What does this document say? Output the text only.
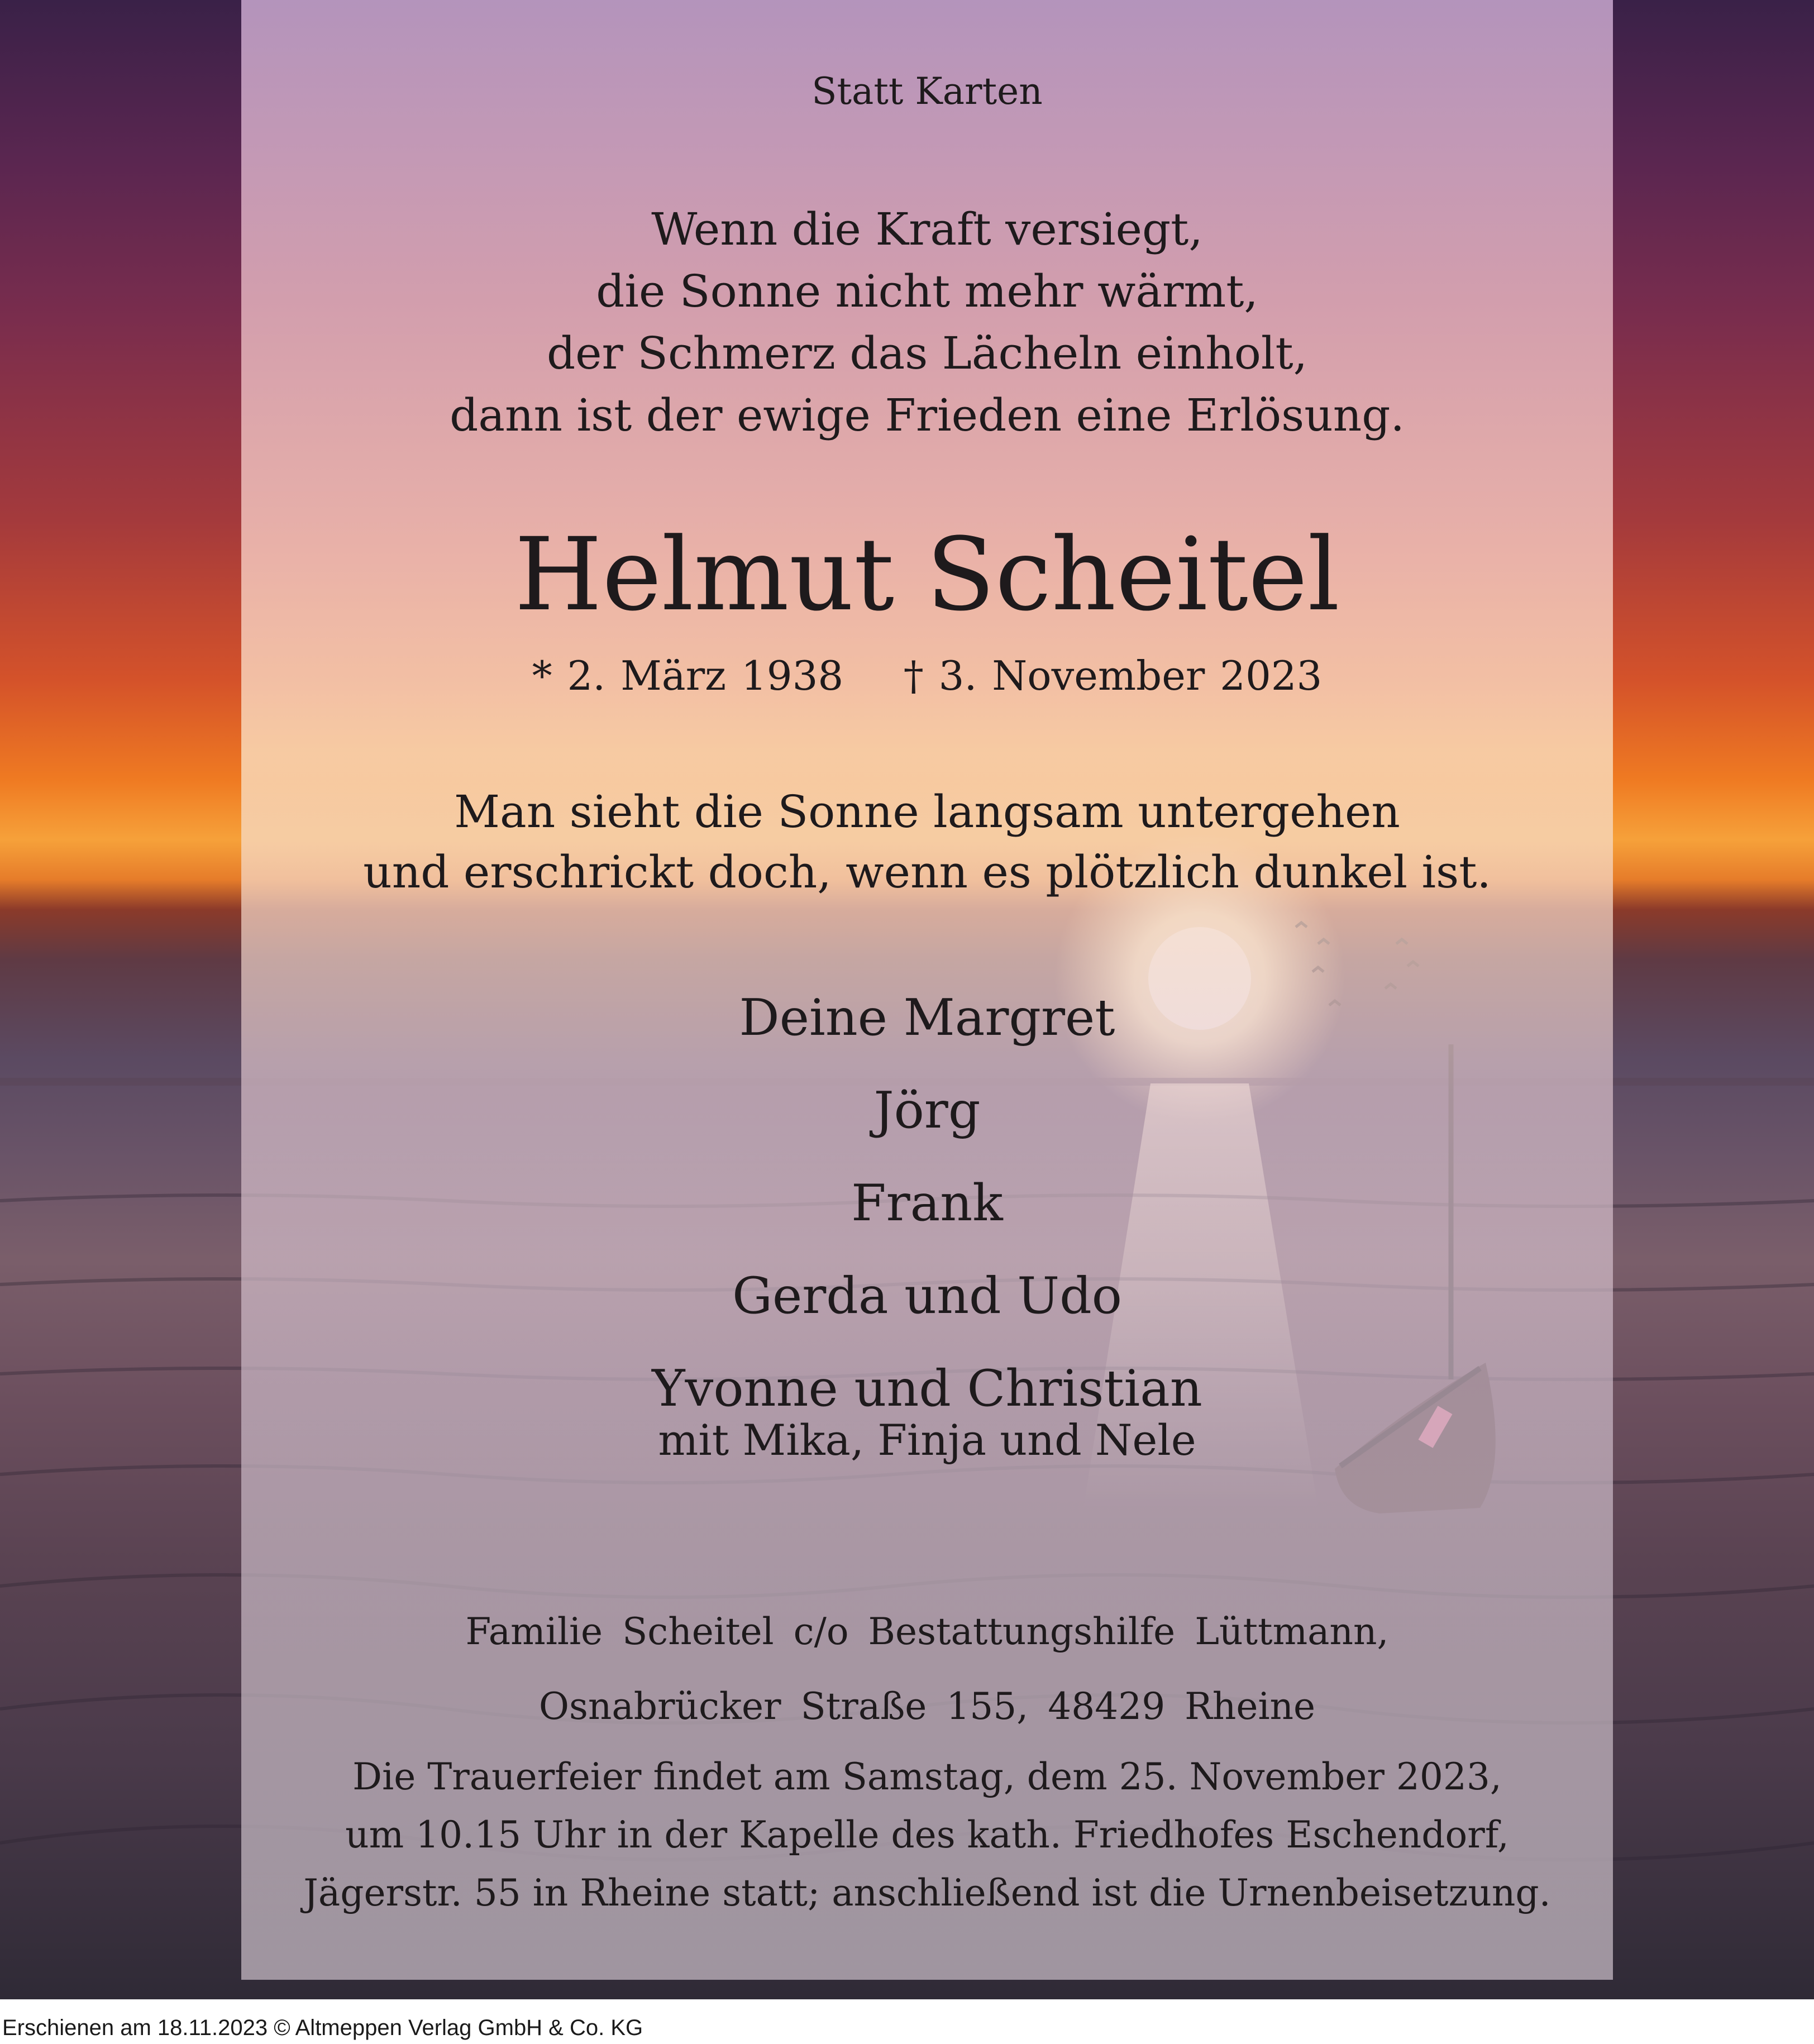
Statt Karten
Wenn die Kraft versiegt,
die Sonne nicht mehr wärmt,
der Schmerz das Lächeln einholt,
dann ist der ewige Frieden eine Erlösung.
Helmut Scheitel
* 2. März 1938 † 3. November 2023
Man sieht die Sonne langsam untergehen
und erschrickt doch, wenn es plötzlich dunkel ist.
Deine Margret
Jörg
Frank
Gerda und Udo
Yvonne und Christian
mit Mika, Finja und Nele
Familie Scheitel c/o Bestattungshilfe Lüttmann,
Osnabrücker Straße 155, 48429 Rheine
Die Trauerfeier findet am Samstag, dem 25. November 2023,
um 10.15 Uhr in der Kapelle des kath. Friedhofes Eschendorf,
Jägerstr. 55 in Rheine statt; anschließend ist die Urnenbeisetzung.
Erschienen am 18.11.2023 © Altmeppen Verlag GmbH & Co. KG
